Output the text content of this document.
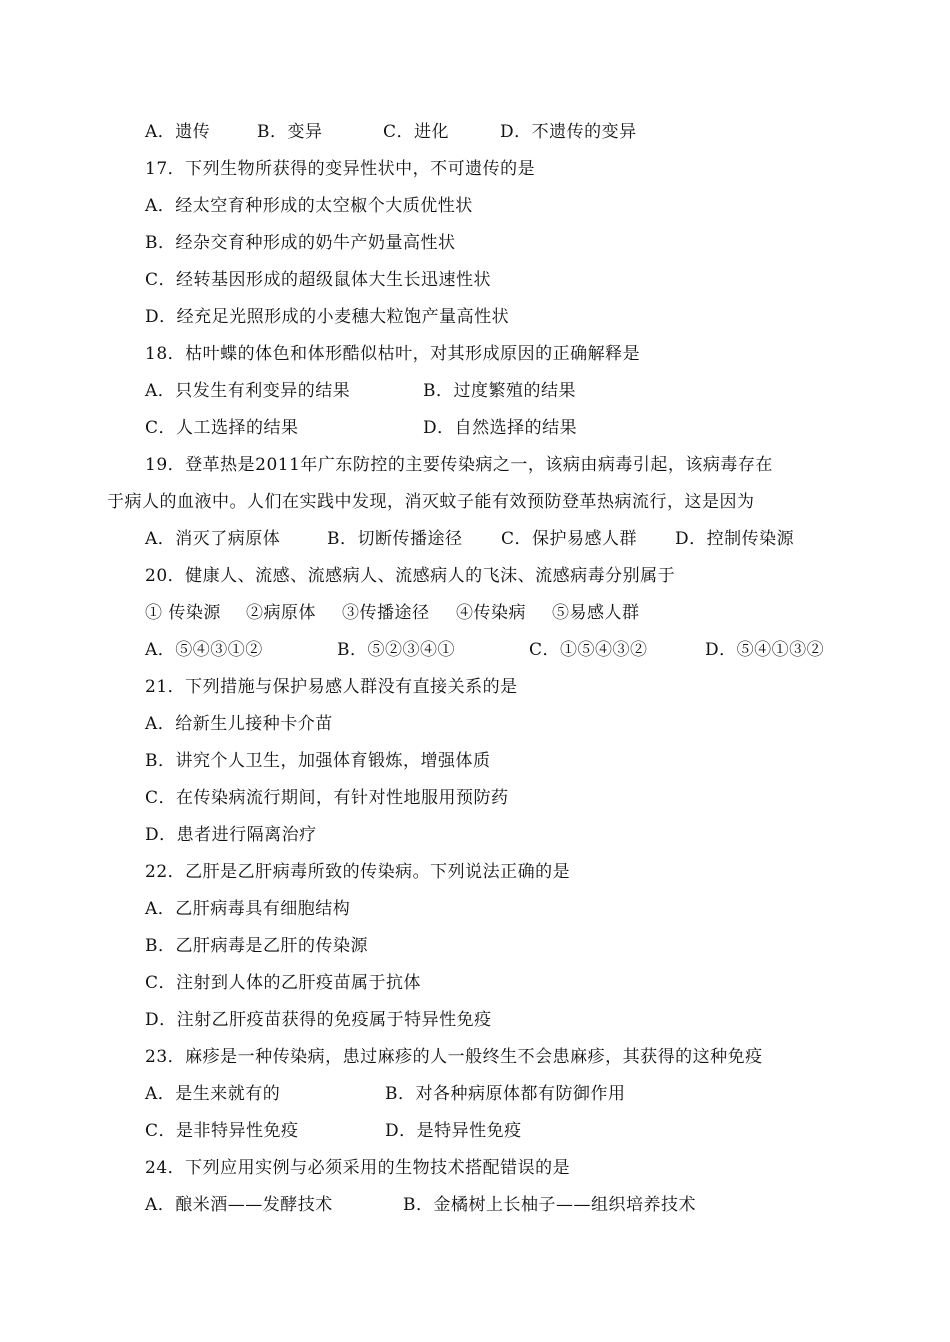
A．遗传	B．变异	C．进化	D．不遗传的变异
17．下列生物所获得的变异性状中，不可遗传的是
A．经太空育种形成的太空椒个大质优性状
B．经杂交育种形成的奶牛产奶量高性状
C．经转基因形成的超级鼠体大生长迅速性状
D．经充足光照形成的小麦穗大粒饱产量高性状
18．枯叶蝶的体色和体形酷似枯叶，对其形成原因的正确解释是
A．只发生有利变异的结果	B．过度繁殖的结果
C．人工选择的结果	D．自然选择的结果
19．登革热是2011年广东防控的主要传染病之一，该病由病毒引起，该病毒存在
于病人的血液中。人们在实践中发现，消灭蚊子能有效预防登革热病流行，这是因为
A．消灭了病原体	B．切断传播途径 C．保护易感人群 D．控制传染源
20．健康人、流感、流感病人、流感病人的飞沫、流感病毒分别属于
① 传染源 ②病原体 ③传播途径 ④传染病 ⑤易感人群
A．⑤④③①②	B．⑤②③④①	C．①⑤④③②	D．⑤④①③②
21．下列措施与保护易感人群没有直接关系的是
A．给新生儿接种卡介苗
B．讲究个人卫生，加强体育锻炼，增强体质
C．在传染病流行期间，有针对性地服用预防药
D．患者进行隔离治疗
22．乙肝是乙肝病毒所致的传染病。下列说法正确的是
A．乙肝病毒具有细胞结构
B．乙肝病毒是乙肝的传染源
C．注射到人体的乙肝疫苗属于抗体
D．注射乙肝疫苗获得的免疫属于特异性免疫
23．麻疹是一种传染病，患过麻疹的人一般终生不会患麻疹，其获得的这种免疫
A．是生来就有的	B．对各种病原体都有防御作用
C．是非特异性免疫	D．是特异性免疫
24．下列应用实例与必须采用的生物技术搭配错误的是
A．酿米酒——发酵技术	B．金橘树上长柚子——组织培养技术
